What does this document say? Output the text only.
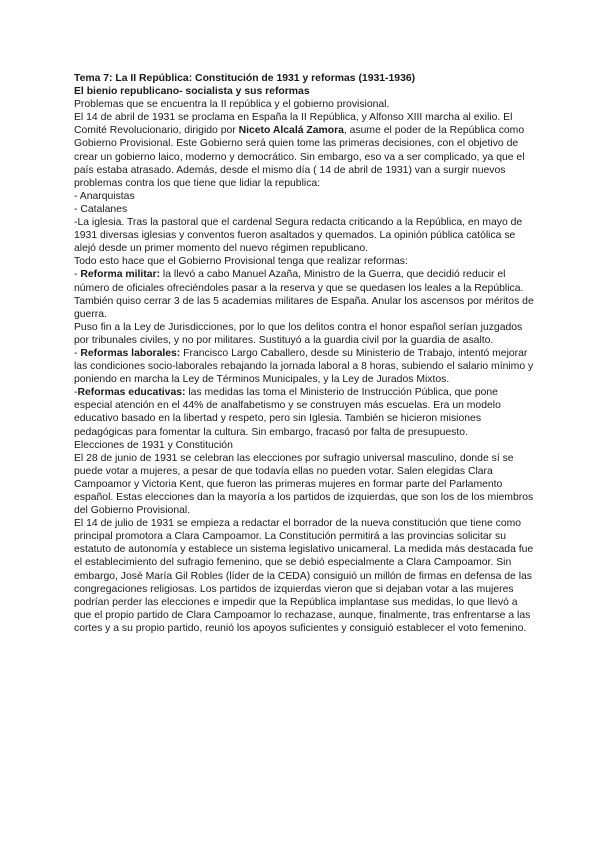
Tema 7: La II República: Constitución de 1931 y reformas (1931-1936)
El bienio republicano- socialista y sus reformas

Problemas que se encuentra la II república y el gobierno provisional.

El 14 de abril de 1931 se proclama en España la II República, y Alfonso XIII marcha al exilio. El Comité Revolucionario, dirigido por Niceto Alcalá Zamora, asume el poder de la República como Gobierno Provisional. Este Gobierno será quien tome las primeras decisiones, con el objetivo de crear un gobierno laico, moderno y democrático. Sin embargo, eso va a ser complicado, ya que el país estaba atrasado. Además, desde el mismo día ( 14 de abril de 1931) van a surgir nuevos problemas contra los que tiene que lidiar la republica:

- Anarquistas

- Catalanes

-La iglesia. Tras la pastoral que el cardenal Segura redacta criticando a la República, en mayo de 1931 diversas iglesias y conventos fueron asaltados y quemados. La opinión pública católica se alejó desde un primer momento del nuevo régimen republicano.

Todo esto hace que el Gobierno Provisional tenga que realizar reformas:

- Reforma militar: la llevó a cabo Manuel Azaña, Ministro de la Guerra, que decidió reducir el número de oficiales ofreciéndoles pasar a la reserva y que se quedasen los leales a la República. También quiso cerrar 3 de las 5 academias militares de España. Anular los ascensos por méritos de guerra.

Puso fin a la Ley de Jurisdicciones, por lo que los delitos contra el honor español serían juzgados por tribunales civiles, y no por militares. Sustituyó a la guardia civil por la guardia de asalto.

- Reformas laborales: Francisco Largo Caballero, desde su Ministerio de Trabajo, intentó mejorar las condiciones socio-laborales rebajando la jornada laboral a 8 horas, subiendo el salario mínimo y poniendo en marcha la Ley de Términos Municipales, y la Ley de Jurados Mixtos.

-Reformas educativas: las medidas las toma el Ministerio de Instrucción Pública, que pone especial atención en el 44% de analfabetismo y se construyen más escuelas. Era un modelo educativo basado en la libertad y respeto, pero sin Iglesia. También se hicieron misiones pedagógicas para fomentar la cultura. Sin embargo, fracasó por falta de presupuesto.

Elecciones de 1931 y Constitución

El 28 de junio de 1931 se celebran las elecciones por sufragio universal masculino, donde sí se puede votar a mujeres, a pesar de que todavía ellas no pueden votar. Salen elegidas Clara Campoamor y Victoria Kent, que fueron las primeras mujeres en formar parte del Parlamento español. Estas elecciones dan la mayoría a los partidos de izquierdas, que son los de los miembros del Gobierno Provisional.

El 14 de julio de 1931 se empieza a redactar el borrador de la nueva constitución que tiene como principal promotora a Clara Campoamor. La Constitución permitirá a las provincias solicitar su estatuto de autonomía y establece un sistema legislativo unicameral. La medida más destacada fue el establecimiento del sufragio femenino, que se debió especialmente a Clara Campoamor. Sin embargo, José María Gil Robles (líder de la CEDA) consiguió un millón de firmas en defensa de las congregaciones religiosas. Los partidos de izquierdas vieron que si dejaban votar a las mujeres podrían perder las elecciones e impedir que la República implantase sus medidas, lo que llevó a que el propio partido de Clara Campoamor lo rechazase, aunque, finalmente, tras enfrentarse a las cortes y a su propio partido, reunió los apoyos suficientes y consiguió establecer el voto femenino.
